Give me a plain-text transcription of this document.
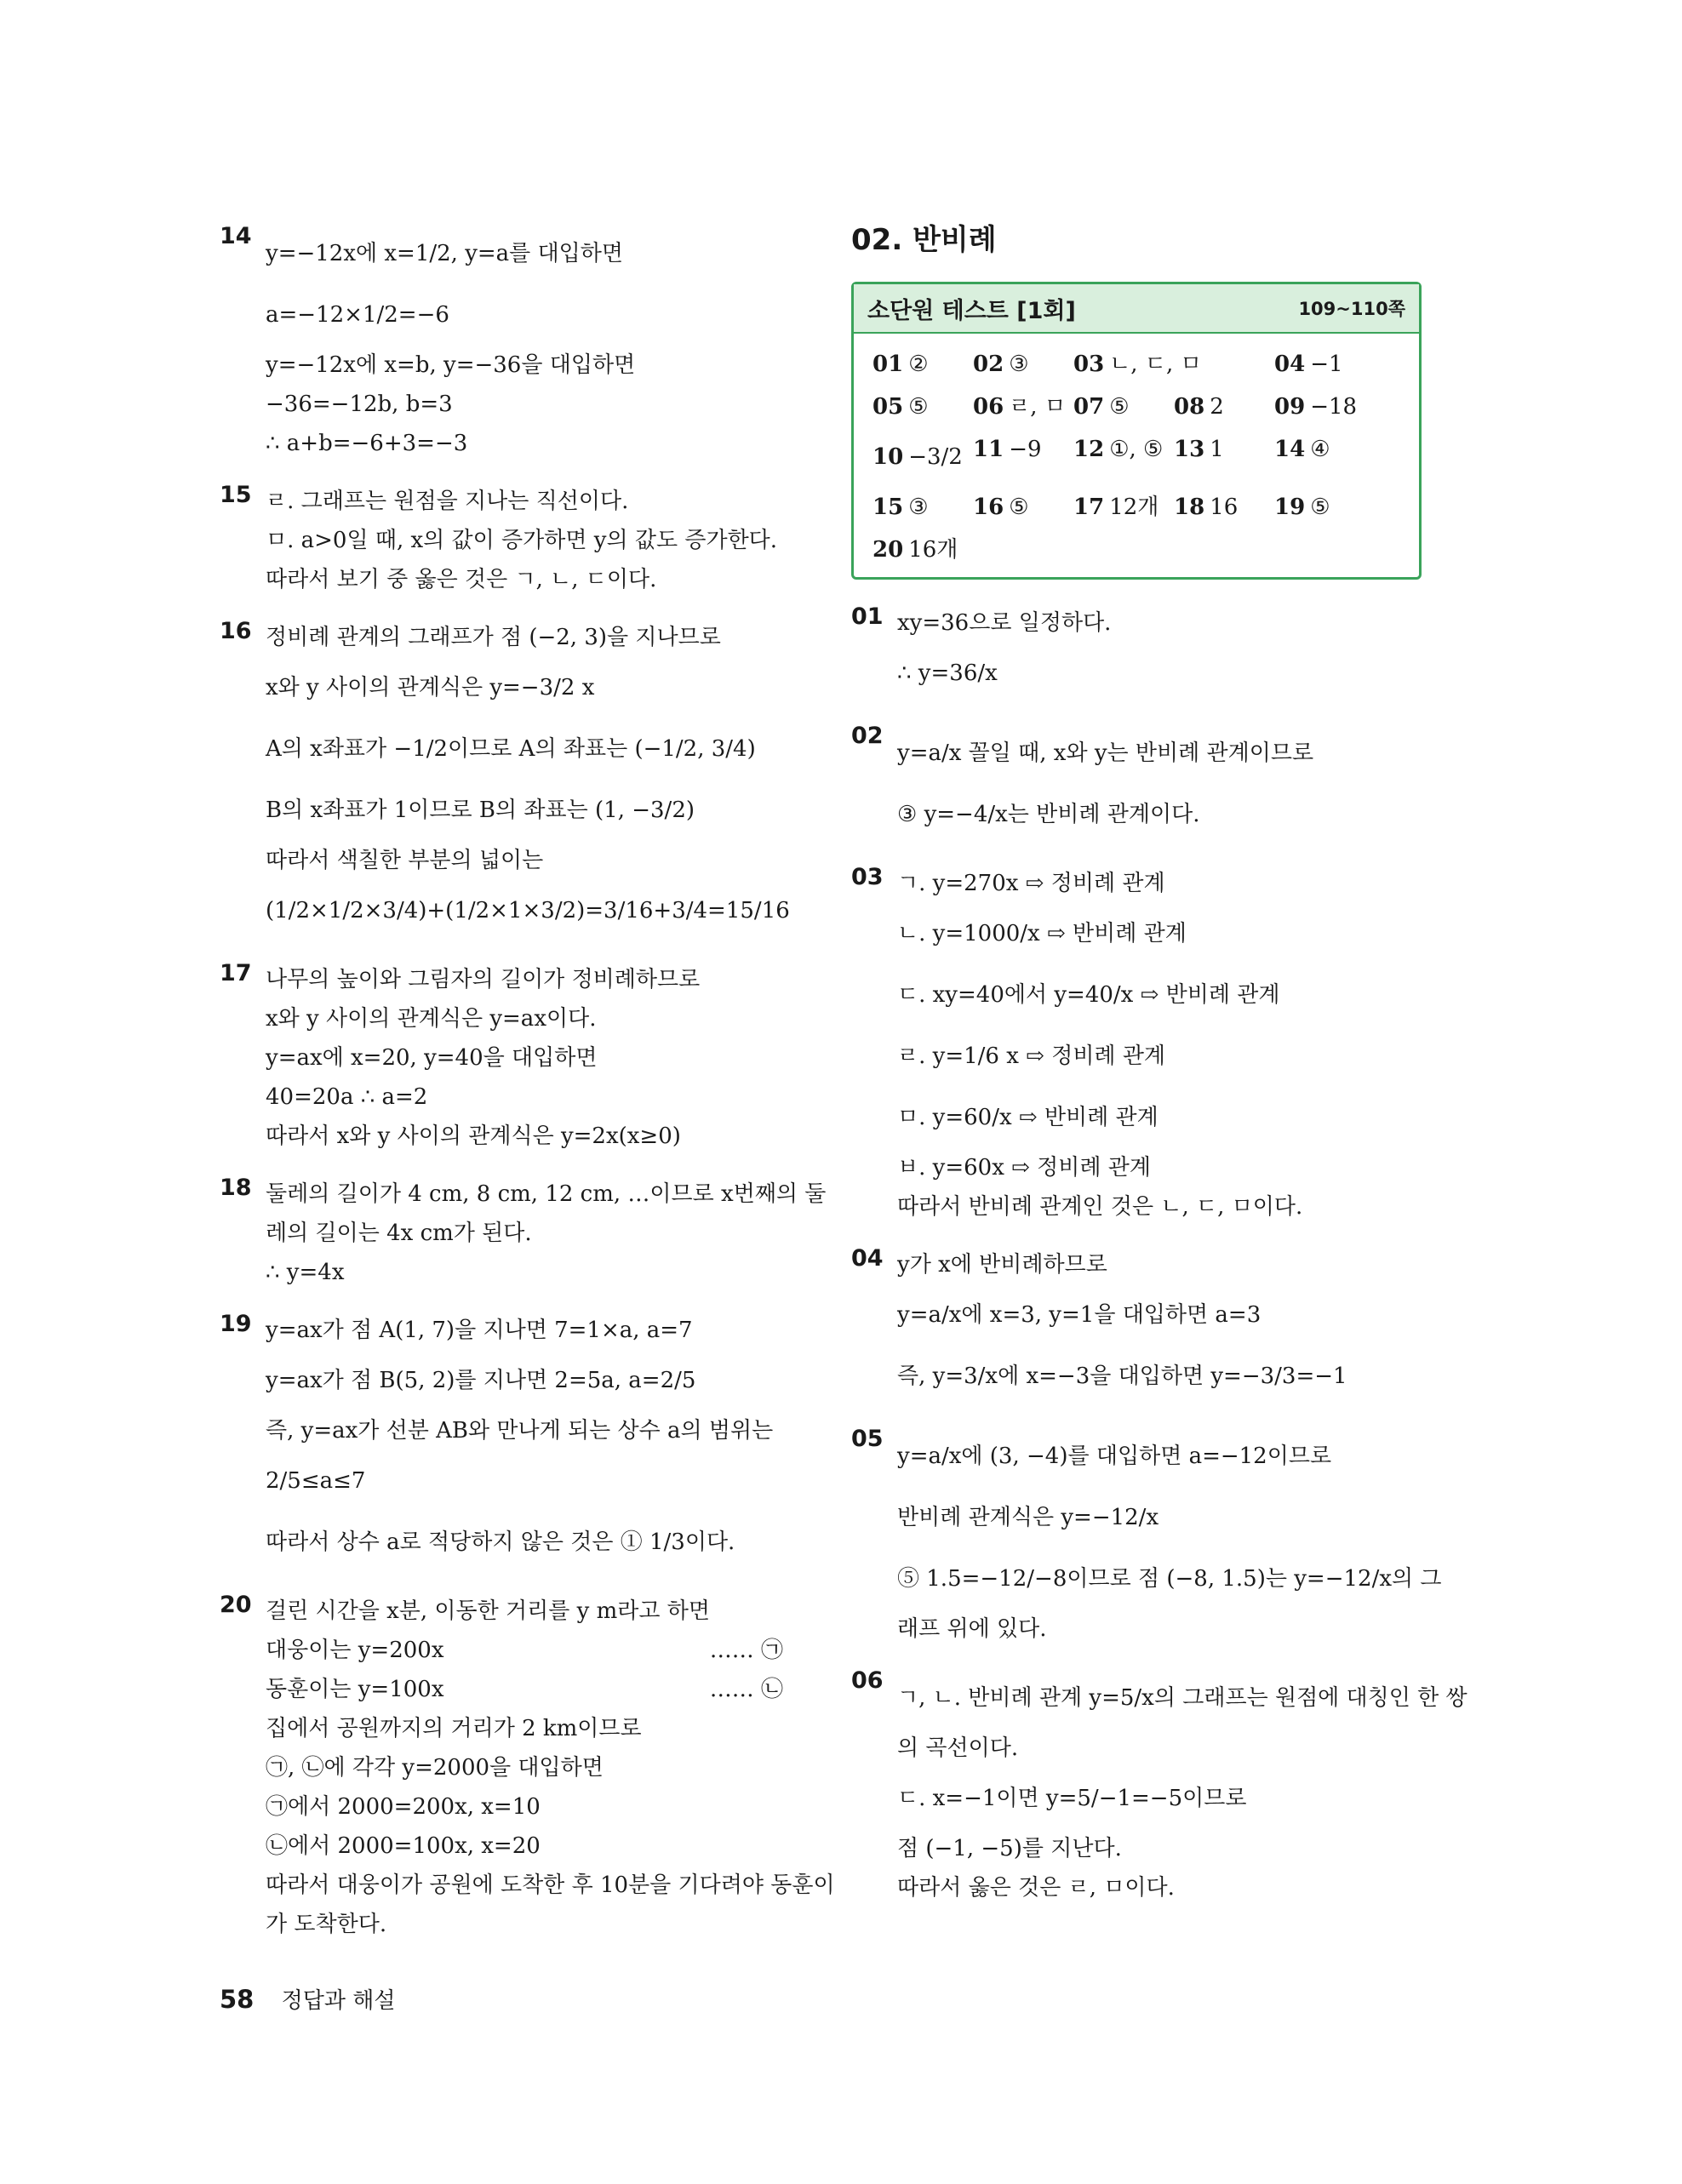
14
y=−12x에 x=1/2, y=a를 대입하면
a=−12×1/2=−6
y=−12x에 x=b, y=−36을 대입하면
−36=−12b, b=3
∴ a+b=−6+3=−3
15 ㄹ. 그래프는 원점을 지나는 직선이다.
ㅁ. a>0일 때, x의 값이 증가하면 y의 값도 증가한다.
따라서 보기 중 옳은 것은 ㄱ, ㄴ, ㄷ이다.
16 정비례 관계의 그래프가 점 (−2, 3)을 지나므로
x와 y 사이의 관계식은 y=−3/2 x
A의 x좌표가 −1/2이므로 A의 좌표는 (−1/2, 3/4)
B의 x좌표가 1이므로 B의 좌표는 (1, −3/2)
따라서 색칠한 부분의 넓이는
(1/2×1/2×3/4)+(1/2×1×3/2)=3/16+3/4=15/16
17 나무의 높이와 그림자의 길이가 정비례하므로
x와 y 사이의 관계식은 y=ax이다.
y=ax에 x=20, y=40을 대입하면
40=20a ∴ a=2
따라서 x와 y 사이의 관계식은 y=2x(x≥0)
18 둘레의 길이가 4 cm, 8 cm, 12 cm, …이므로 x번째의 둘
레의 길이는 4x cm가 된다.
∴ y=4x
19 y=ax가 점 A(1, 7)을 지나면 7=1×a, a=7
y=ax가 점 B(5, 2)를 지나면 2=5a, a=2/5
즉, y=ax가 선분 AB와 만나게 되는 상수 a의 범위는
2/5≤a≤7
따라서 상수 a로 적당하지 않은 것은 ① 1/3이다.
20 걸린 시간을 x분, 이동한 거리를 y m라고 하면
대웅이는 y=200x	…… ㉠
동훈이는 y=100x	…… ㉡
집에서 공원까지의 거리가 2 km이므로
㉠, ㉡에 각각 y=2000을 대입하면
㉠에서 2000=200x, x=10
㉡에서 2000=100x, x=20
따라서 대웅이가 공원에 도착한 후 10분을 기다려야 동훈이
가 도착한다.
02. 반비례
소단원 테스트 [1회]	109~110쪽
01 ②	02 ③	03 ㄴ, ㄷ, ㅁ	04 −1
05 ⑤	06 ㄹ, ㅁ 07 ⑤	08 2	09 −18
10 −3/2 11 −9	12 ①, ⑤ 13 1	14 ④
15 ③	16 ⑤	17 12개 18 16	19 ⑤
20 16개
01 xy=36으로 일정하다.
∴ y=36/x
02
y=a/x 꼴일 때, x와 y는 반비례 관계이므로
③ y=−4/x는 반비례 관계이다.
03 ㄱ. y=270x ⇨ 정비례 관계
ㄴ. y=1000/x ⇨ 반비례 관계
ㄷ. xy=40에서 y=40/x ⇨ 반비례 관계
ㄹ. y=1/6 x ⇨ 정비례 관계
ㅁ. y=60/x ⇨ 반비례 관계
ㅂ. y=60x ⇨ 정비례 관계
따라서 반비례 관계인 것은 ㄴ, ㄷ, ㅁ이다.
04 y가 x에 반비례하므로
y=a/x에 x=3, y=1을 대입하면 a=3
즉, y=3/x에 x=−3을 대입하면 y=−3/3=−1
05
y=a/x에 (3, −4)를 대입하면 a=−12이므로
반비례 관계식은 y=−12/x
⑤ 1.5=−12/−8이므로 점 (−8, 1.5)는 y=−12/x의 그
래프 위에 있다.
06
ㄱ, ㄴ. 반비례 관계 y=5/x의 그래프는 원점에 대칭인 한 쌍
의 곡선이다.
ㄷ. x=−1이면 y=5/−1=−5이므로
점 (−1, −5)를 지난다.
따라서 옳은 것은 ㄹ, ㅁ이다.
58 정답과 해설
